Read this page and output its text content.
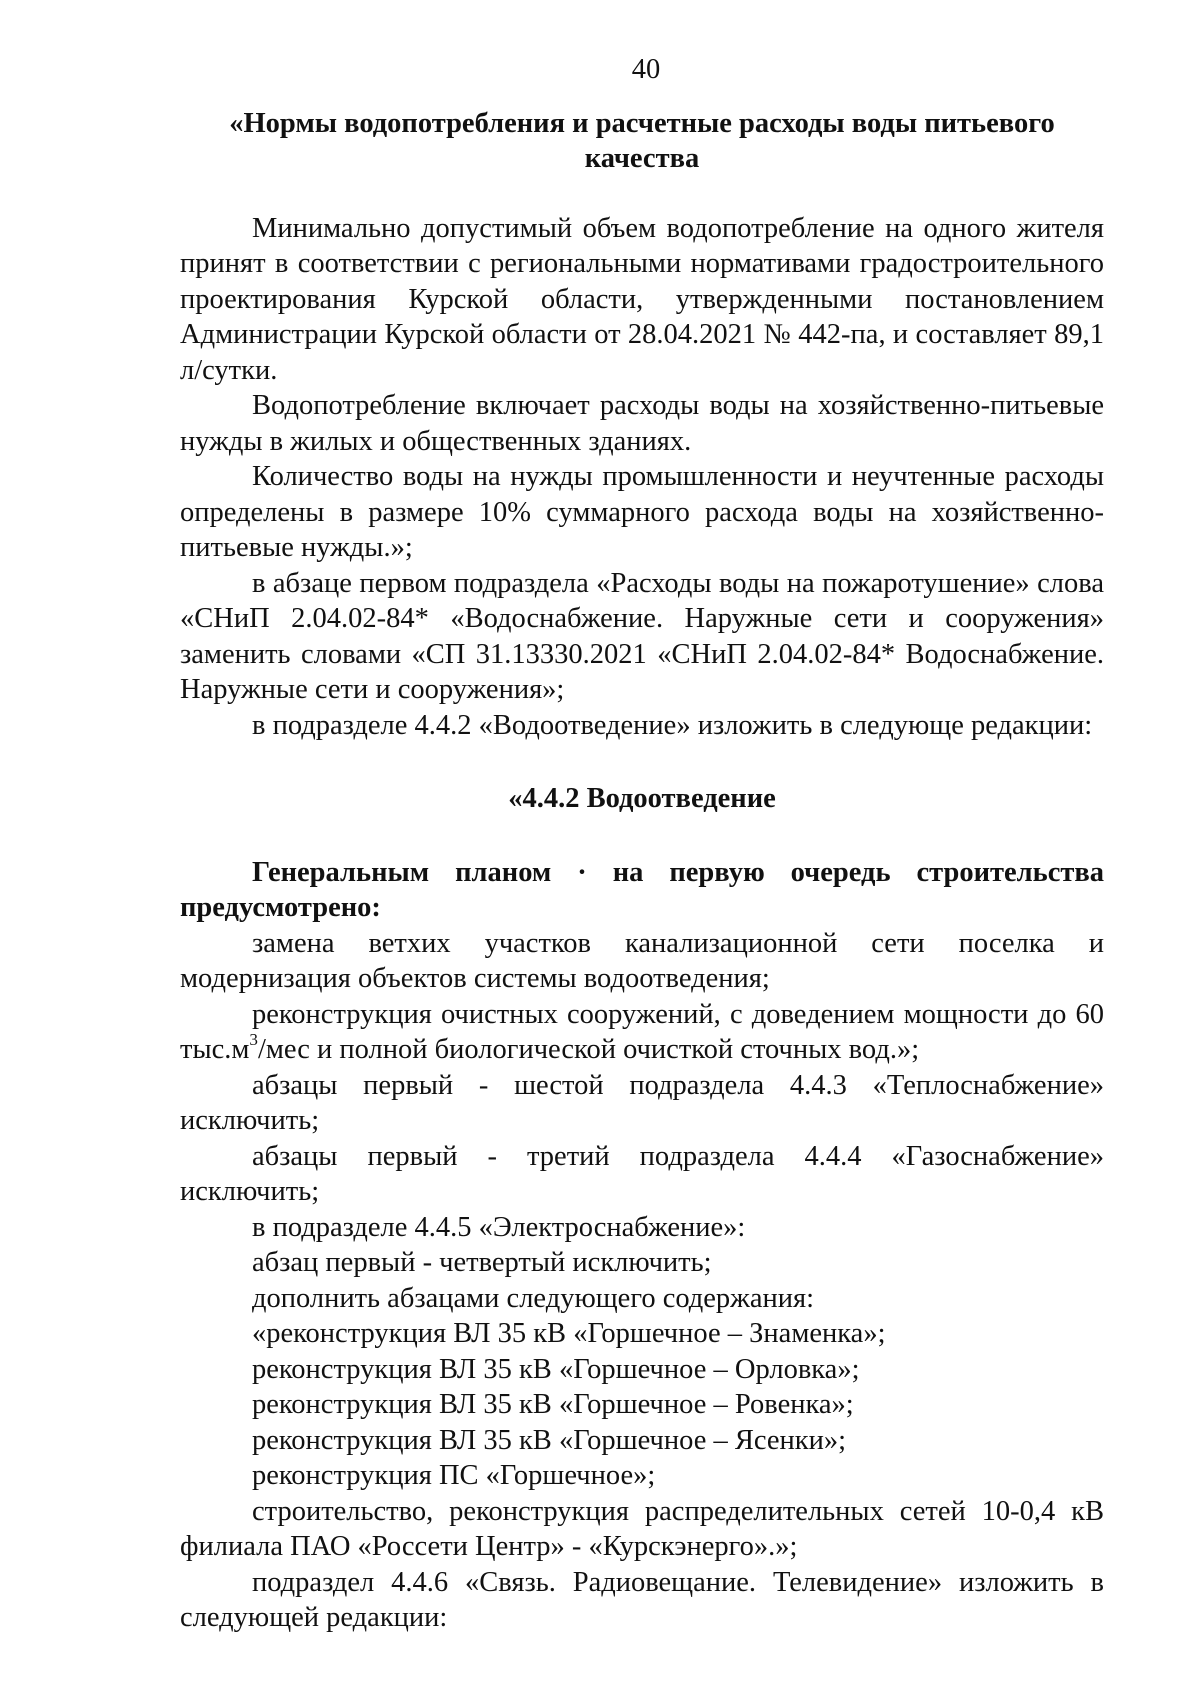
40
«Нормы водопотребления и расчетные расходы воды питьевого качества

Минимально допустимый объем водопотребление на одного жителя принят в соответствии с региональными нормативами градостроительного проектирования Курской области, утвержденными постановлением Администрации Курской области от 28.04.2021 № 442-па, и составляет 89,1 л/сутки.

Водопотребление включает расходы воды на хозяйственно-питьевые нужды в жилых и общественных зданиях.

Количество воды на нужды промышленности и неучтенные расходы определены в размере 10% суммарного расхода воды на хозяйственно-питьевые нужды.»;

в абзаце первом подраздела «Расходы воды на пожаротушение» слова «СНиП 2.04.02-84* «Водоснабжение. Наружные сети и сооружения» заменить словами «СП 31.13330.2021 «СНиП 2.04.02-84* Водоснабжение. Наружные сети и сооружения»;

в подразделе 4.4.2 «Водоотведение» изложить в следующе редакции:

«4.4.2 Водоотведение

Генеральным планом · на первую очередь строительства предусмотрено:

замена ветхих участков канализационной сети поселка и модернизация объектов системы водоотведения;

реконструкция очистных сооружений, с доведением мощности до 60 $тыс.м^3$/мес и полной биологической очисткой сточных вод.»;

абзацы первый - шестой подраздела 4.4.3 «Теплоснабжение» исключить;

абзацы первый - третий подраздела 4.4.4 «Газоснабжение» исключить;

в подразделе 4.4.5 «Электроснабжение»:

абзац первый - четвертый исключить;

дополнить абзацами следующего содержания:

«реконструкция ВЛ 35 кВ «Горшечное – Знаменка»;

реконструкция ВЛ 35 кВ «Горшечное – Орловка»;

реконструкция ВЛ 35 кВ «Горшечное – Ровенка»;

реконструкция ВЛ 35 кВ «Горшечное – Ясенки»;

реконструкция ПС «Горшечное»;

строительство, реконструкция распределительных сетей 10-0,4 кВ филиала ПАО «Россети Центр» - «Курскэнерго».»;

подраздел 4.4.6 «Связь. Радиовещание. Телевидение» изложить в следующей редакции:
